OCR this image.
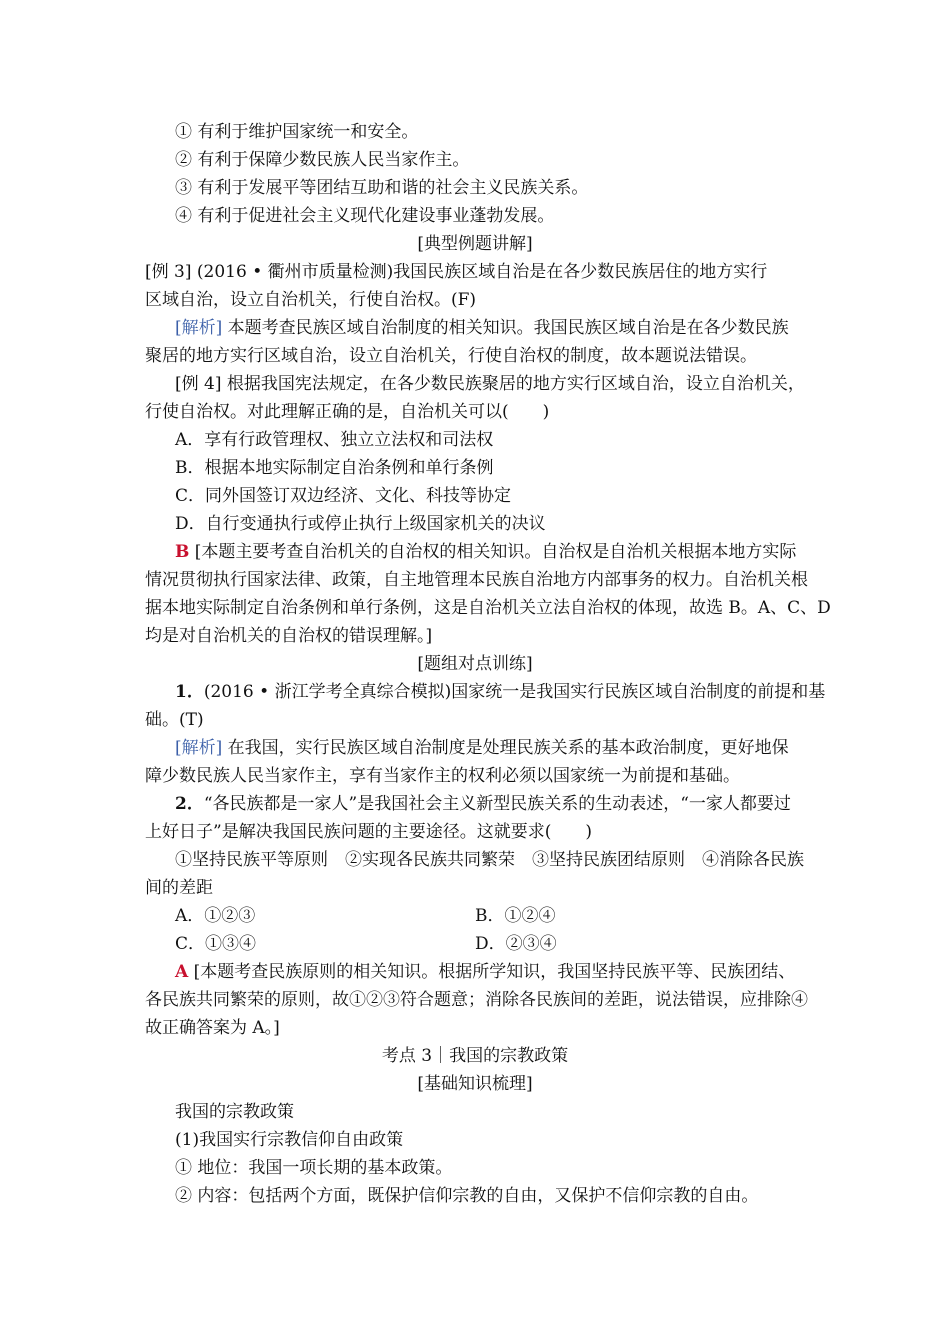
① 有利于维护国家统一和安全。
② 有利于保障少数民族人民当家作主。
③ 有利于发展平等团结互助和谐的社会主义民族关系。
④ 有利于促进社会主义现代化建设事业蓬勃发展。
[典型例题讲解]
[例 3] (2016 • 衢州市质量检测)我国民族区域自治是在各少数民族居住的地方实行
区域自治，设立自治机关，行使自治权。(F)
[解析] 本题考查民族区域自治制度的相关知识。我国民族区域自治是在各少数民族
聚居的地方实行区域自治，设立自治机关，行使自治权的制度，故本题说法错误。
[例 4] 根据我国宪法规定，在各少数民族聚居的地方实行区域自治，设立自治机关，
行使自治权。对此理解正确的是，自治机关可以(　　)
A．享有行政管理权、独立立法权和司法权
B．根据本地实际制定自治条例和单行条例
C．同外国签订双边经济、文化、科技等协定
D．自行变通执行或停止执行上级国家机关的决议
B [本题主要考查自治机关的自治权的相关知识。自治权是自治机关根据本地方实际
情况贯彻执行国家法律、政策，自主地管理本民族自治地方内部事务的权力。自治机关根
据本地实际制定自治条例和单行条例，这是自治机关立法自治权的体现，故选 B。A、C、D
均是对自治机关的自治权的错误理解。]
[题组对点训练]
1．(2016 • 浙江学考全真综合模拟)国家统一是我国实行民族区域自治制度的前提和基
础。(T)
[解析] 在我国，实行民族区域自治制度是处理民族关系的基本政治制度，更好地保
障少数民族人民当家作主，享有当家作主的权利必须以国家统一为前提和基础。
2．“各民族都是一家人”是我国社会主义新型民族关系的生动表述，“一家人都要过
上好日子”是解决我国民族问题的主要途径。这就要求(　　)
①坚持民族平等原则　②实现各民族共同繁荣　③坚持民族团结原则　④消除各民族
间的差距
A．①②③	B．①②④
C．①③④	D．②③④
A [本题考查民族原则的相关知识。根据所学知识，我国坚持民族平等、民族团结、
各民族共同繁荣的原则，故①②③符合题意；消除各民族间的差距，说法错误，应排除④
故正确答案为 A。]
考点 3｜我国的宗教政策
[基础知识梳理]
我国的宗教政策
(1)我国实行宗教信仰自由政策
① 地位：我国一项长期的基本政策。
② 内容：包括两个方面，既保护信仰宗教的自由，又保护不信仰宗教的自由。
